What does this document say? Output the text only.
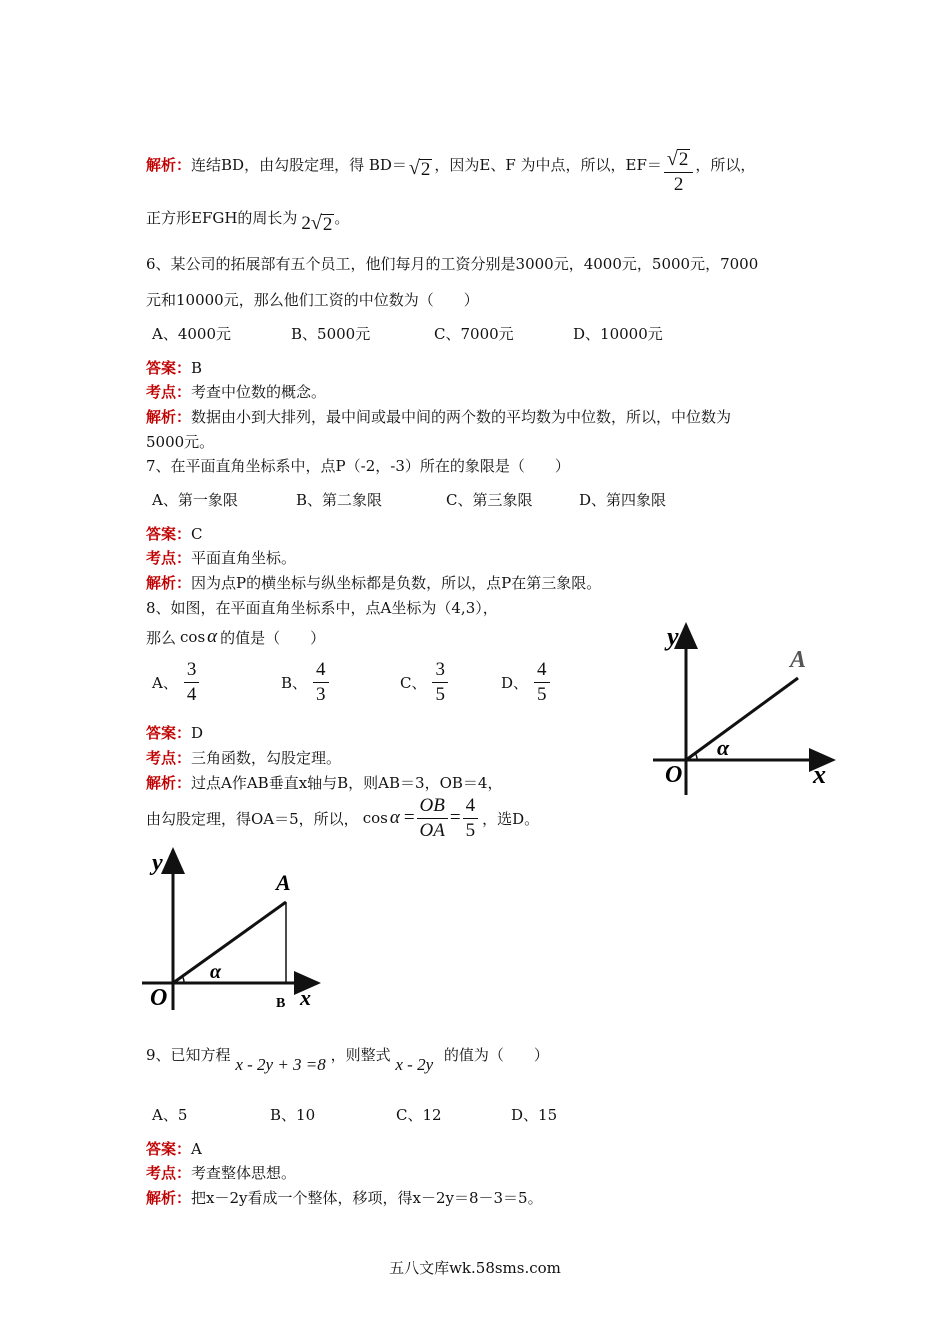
解析： 连结BD，由勾股定理，得 BD＝ √ 2 ，因为E、F 为中点，所以，$EF= \frac{√ 2}{2}$ ，所以，
正方形EFGH的周长为 2 √ 2 。
6、某公司的拓展部有五个员工，他们每月的工资分别是3000元，4000元，5000元，7000
元和10000元，那么他们工资的中位数为（　　）
A、4000元	B、5000元	C、7000元	D、10000元
答案：B
考点：考查中位数的概念。
解析：数据由小到大排列，最中间或最中间的两个数的平均数为中位数，所以，中位数为
5000元。
7、在平面直角坐标系中，点P（-2，-3）所在的象限是（　　）
A、第一象限	B、第二象限	C、第三象限	D、第四象限
答案：C
考点：平面直角坐标。
解析：因为点P的横坐标与纵坐标都是负数，所以，点P在第三象限。
8、如图，在平面直角坐标系中，点A坐标为（4,3），
那么 cos α 的值是（　　）
A、 $\frac{3}{4}$	B、 $\frac{4}{3}$	C、 $\frac{3}{5}$	D、 $\frac{4}{5}$
答案：D
考点：三角函数，勾股定理。
解析：过点A作AB垂直x轴与B，则AB＝3，OB＝4，
由勾股定理，得OA＝5，所以， $\cos \alpha = \frac{OB}{OA} = \frac{4}{5}$ ，选D。
y
A
O	x
α
y
A
O	B x
α
9、已知方程 x - 2y + 3 =8 ，则整式 x - 2y 的值为（　　）
A、5	B、10	C、12	D、15
答案：A
考点：考查整体思想。
解析：把x－2y看成一个整体，移项，得x－2y＝8－3＝5。
五八文库wk.58sms.com
